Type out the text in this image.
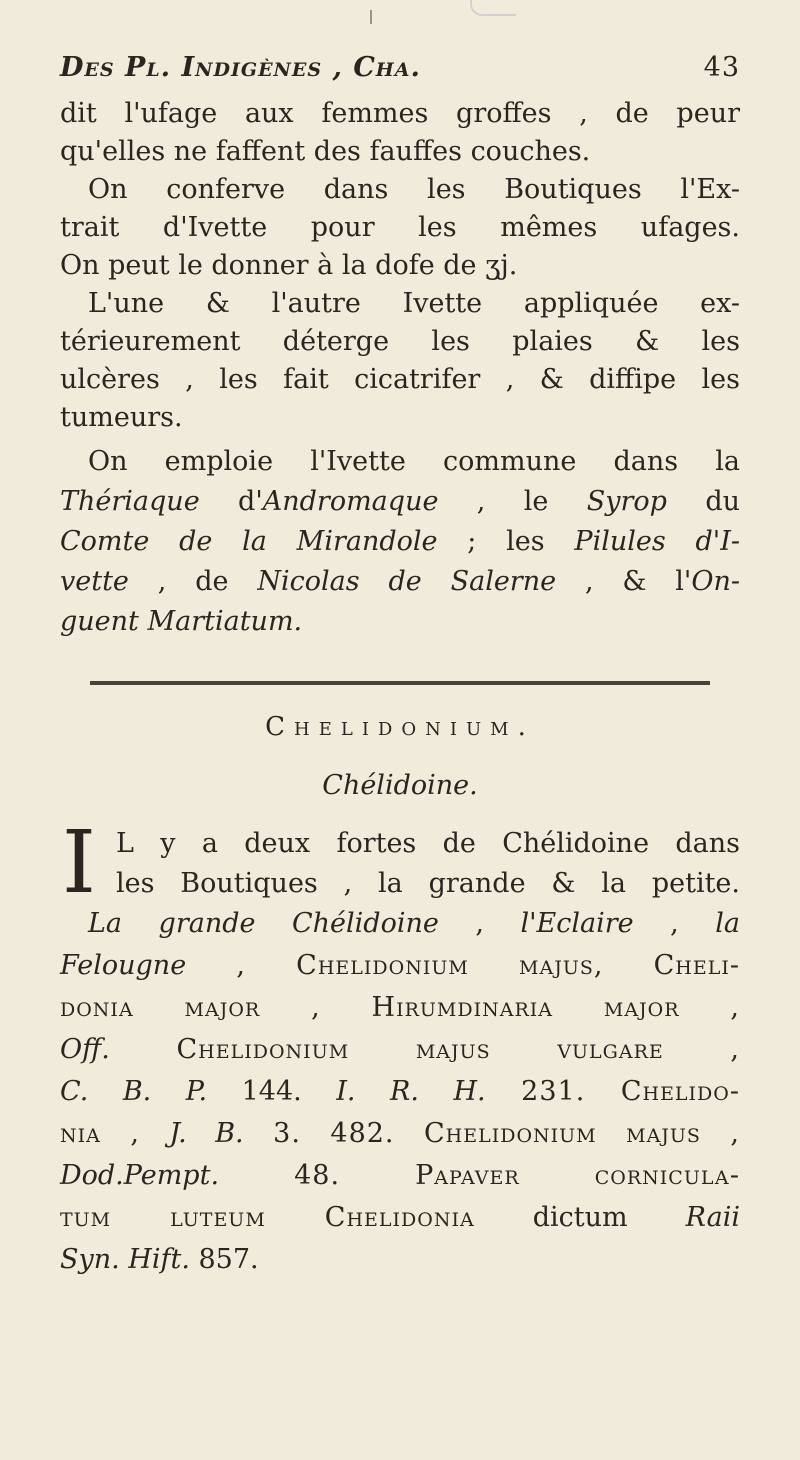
Des Pl. Indigènes , Cha.	43
dit l'ufage aux femmes groffes , de peur
qu'elles ne faffent des fauffes couches.
On conferve dans les Boutiques l'Ex-
trait d'Ivette pour les mêmes ufages.
On peut le donner à la dofe de ʒj.
L'une & l'autre Ivette appliquée ex-
térieurement déterge les plaies & les
ulcères , les fait cicatrifer , & diffipe les
tumeurs.
On emploie l'Ivette commune dans la
Thériaque d'Andromaque , le Syrop du
Comte de la Mirandole ; les Pilules d'I-
vette , de Nicolas de Salerne , & l'On-
guent Martiatum.
Chelidonium.
Chélidoine.
I L y a deux fortes de Chélidoine dans
les Boutiques , la grande & la petite.
La grande Chélidoine , l'Eclaire , la
Felougne , Chelidonium majus, Cheli-
donia major , Hirumdinaria major ,
Off. Chelidonium majus vulgare ,
C. B. P. 144. I. R. H. 231. Chelido-
nia , J. B. 3. 482. Chelidonium majus ,
Dod.Pempt. 48. Papaver corniculа-
tum luteum Chelidonia dictum Raii
Syn. Hift. 857.
